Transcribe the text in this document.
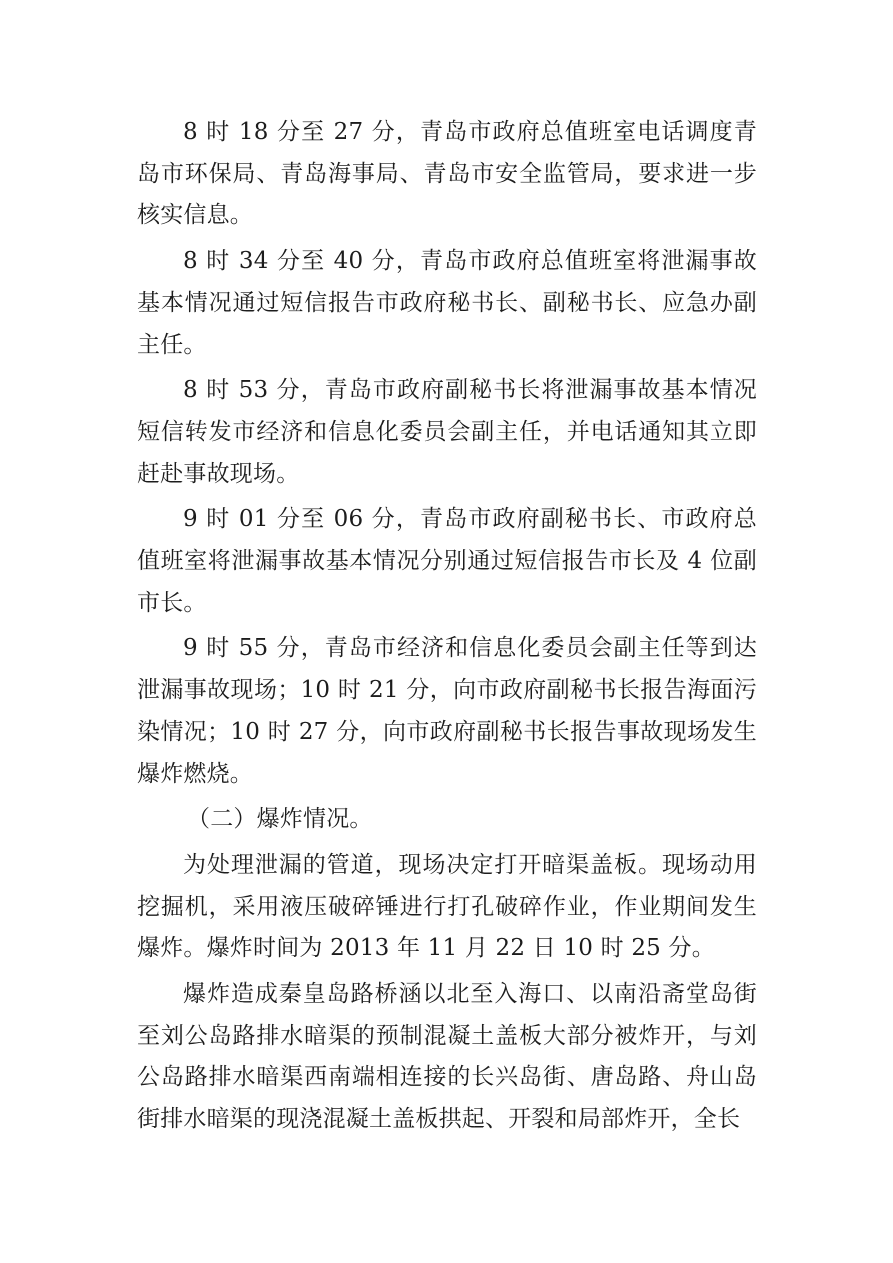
8 时 18 分至 27 分，青岛市政府总值班室电话调度青岛市环保局、青岛海事局、青岛市安全监管局，要求进一步核实信息。

8 时 34 分至 40 分，青岛市政府总值班室将泄漏事故基本情况通过短信报告市政府秘书长、副秘书长、应急办副主任。

8 时 53 分，青岛市政府副秘书长将泄漏事故基本情况短信转发市经济和信息化委员会副主任，并电话通知其立即赶赴事故现场。

9 时 01 分至 06 分，青岛市政府副秘书长、市政府总值班室将泄漏事故基本情况分别通过短信报告市长及 4 位副市长。

9 时 55 分，青岛市经济和信息化委员会副主任等到达泄漏事故现场；10 时 21 分，向市政府副秘书长报告海面污染情况；10 时 27 分，向市政府副秘书长报告事故现场发生爆炸燃烧。

（二）爆炸情况。

为处理泄漏的管道，现场决定打开暗渠盖板。现场动用挖掘机，采用液压破碎锤进行打孔破碎作业，作业期间发生爆炸。爆炸时间为 2013 年 11 月 22 日 10 时 25 分。

爆炸造成秦皇岛路桥涵以北至入海口、以南沿斋堂岛街至刘公岛路排水暗渠的预制混凝土盖板大部分被炸开，与刘公岛路排水暗渠西南端相连接的长兴岛街、唐岛路、舟山岛街排水暗渠的现浇混凝土盖板拱起、开裂和局部炸开，全长
